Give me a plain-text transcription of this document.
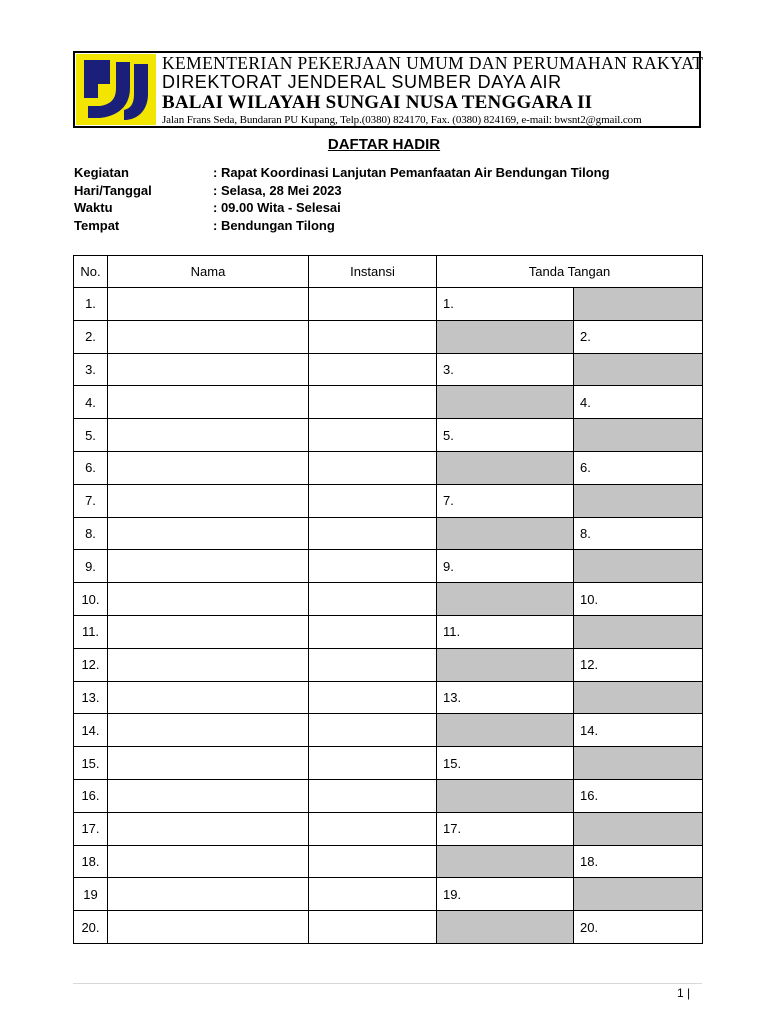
KEMENTERIAN PEKERJAAN UMUM DAN PERUMAHAN RAKYAT
DIREKTORAT JENDERAL SUMBER DAYA AIR
BALAI WILAYAH SUNGAI NUSA TENGGARA II
Jalan Frans Seda, Bundaran PU Kupang, Telp.(0380) 824170, Fax. (0380) 824169, e-mail: bwsnt2@gmail.com
DAFTAR HADIR
Kegiatan	: Rapat Koordinasi Lanjutan Pemanfaatan Air Bendungan Tilong
Hari/Tanggal	: Selasa, 28 Mei 2023
Waktu	: 09.00 Wita - Selesai
Tempat	: Bendungan Tilong
No.	Nama	Instansi	Tanda Tangan	
1.			1.	
2.				2.
3.			3.	
4.				4.
5.			5.	
6.				6.
7.			7.	
8.				8.
9.			9.	
10.				10.
11.			11.	
12.				12.
13.			13.	
14.				14.
15.			15.	
16.				16.
17.			17.	
18.				18.
19			19.	
20.				20.
1 |
